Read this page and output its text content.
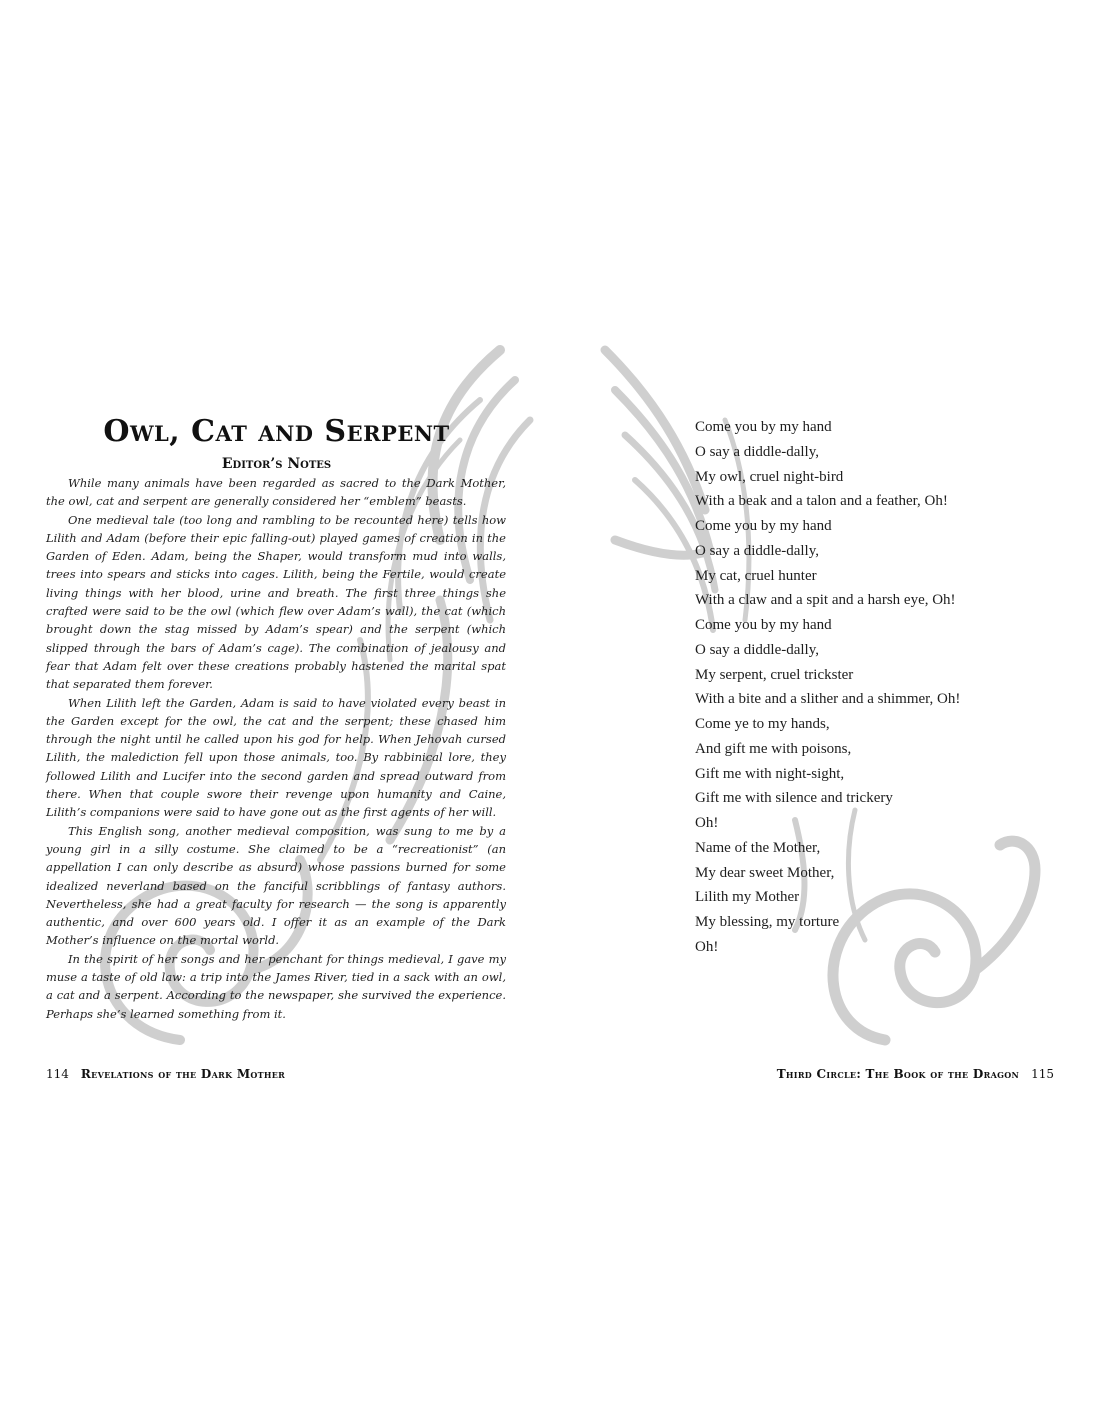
Owl, Cat and Serpent
Editor’s Notes

While many animals have been regarded as sacred to the Dark Mother, the owl, cat and serpent are generally considered her “emblem” beasts.

One medieval tale (too long and rambling to be recounted here) tells how Lilith and Adam (before their epic falling-out) played games of creation in the Garden of Eden. Adam, being the Shaper, would transform mud into walls, trees into spears and sticks into cages. Lilith, being the Fertile, would create living things with her blood, urine and breath. The first three things she crafted were said to be the owl (which flew over Adam’s wall), the cat (which brought down the stag missed by Adam’s spear) and the serpent (which slipped through the bars of Adam’s cage). The combination of jealousy and fear that Adam felt over these creations probably hastened the marital spat that separated them forever.

When Lilith left the Garden, Adam is said to have violated every beast in the Garden except for the owl, the cat and the serpent; these chased him through the night until he called upon his god for help. When Jehovah cursed Lilith, the malediction fell upon those animals, too. By rabbinical lore, they followed Lilith and Lucifer into the second garden and spread outward from there. When that couple swore their revenge upon humanity and Caine, Lilith’s companions were said to have gone out as the first agents of her will.

This English song, another medieval composition, was sung to me by a young girl in a silly costume. She claimed to be a “recreationist” (an appellation I can only describe as absurd) whose passions burned for some idealized neverland based on the fanciful scribblings of fantasy authors. Nevertheless, she had a great faculty for research — the song is apparently authentic, and over 600 years old. I offer it as an example of the Dark Mother’s influence on the mortal world.

In the spirit of her songs and her penchant for things medieval, I gave my muse a taste of old law: a trip into the James River, tied in a sack with an owl, a cat and a serpent. According to the newspaper, she survived the experience. Perhaps she’s learned something from it.

114 Revelations of the Dark Mother
Come you by my hand
O say a diddle-dally,
My owl, cruel night-bird
With a beak and a talon and a feather, Oh!
Come you by my hand
O say a diddle-dally,
My cat, cruel hunter
With a claw and a spit and a harsh eye, Oh!
Come you by my hand
O say a diddle-dally,
My serpent, cruel trickster
With a bite and a slither and a shimmer, Oh!
Come ye to my hands,
And gift me with poisons,
Gift me with night-sight,
Gift me with silence and trickery
Oh!
Name of the Mother,
My dear sweet Mother,
Lilith my Mother
My blessing, my torture
Oh!
Third Circle: The Book of the Dragon 115
